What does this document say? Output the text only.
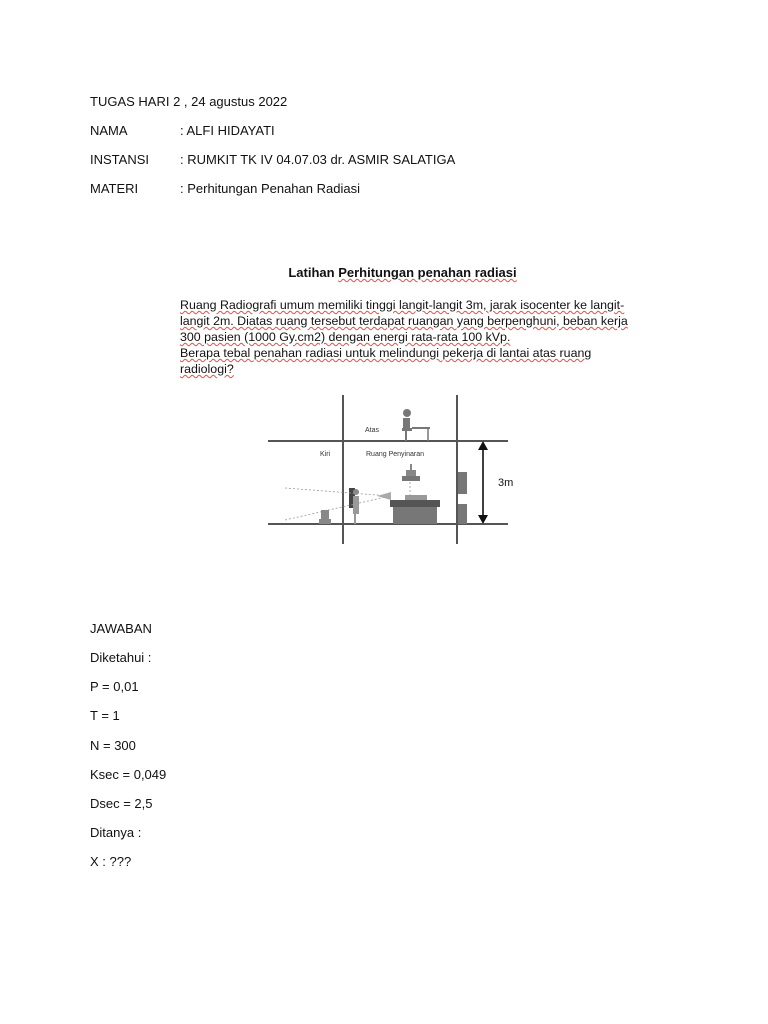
TUGAS HARI 2 , 24 agustus 2022
NAMA	: ALFI HIDAYATI
INSTANSI : RUMKIT TK IV 04.07.03 dr. ASMIR SALATIGA
MATERI	: Perhitungan Penahan Radiasi
Latihan Perhitungan penahan radiasi
Ruang Radiografi umum memiliki tinggi langit-langit 3m, jarak isocenter ke langit-
langit 2m. Diatas ruang tersebut terdapat ruangan yang berpenghuni, beban kerja
300 pasien (1000 Gy.cm2) dengan energi rata-rata 100 kVp.
Berapa tebal penahan radiasi untuk melindungi pekerja di lantai atas ruang
radiologi?
Atas
Kiri	Ruang Penyinaran
3m
JAWABAN
Diketahui :
P = 0,01
T = 1
N = 300
Ksec = 0,049
Dsec = 2,5
Ditanya :
X : ???
